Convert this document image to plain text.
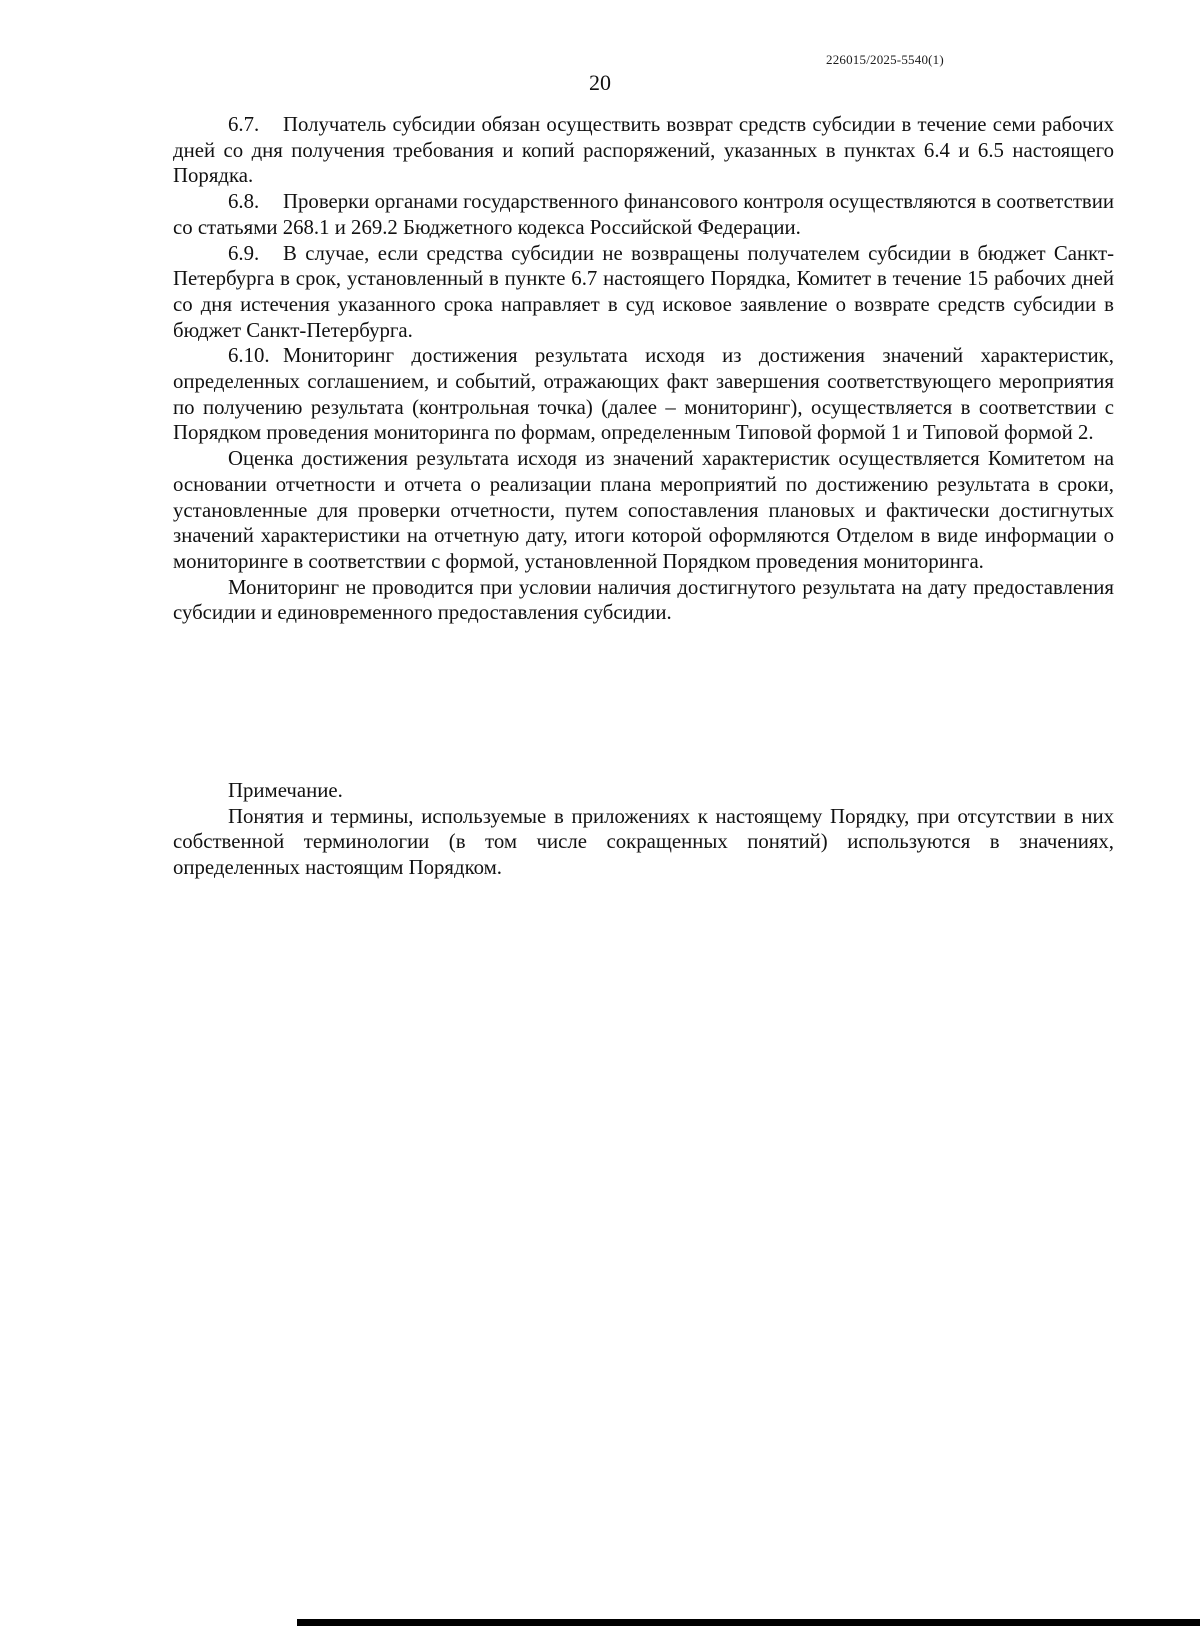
226015/2025-5540(1)
20

6.7. Получатель субсидии обязан осуществить возврат средств субсидии в течение семи рабочих дней со дня получения требования и копий распоряжений, указанных в пунктах 6.4 и 6.5 настоящего Порядка.

6.8. Проверки органами государственного финансового контроля осуществляются в соответствии со статьями 268.1 и 269.2 Бюджетного кодекса Российской Федерации.

6.9. В случае, если средства субсидии не возвращены получателем субсидии в бюджет Санкт-Петербурга в срок, установленный в пункте 6.7 настоящего Порядка, Комитет в течение 15 рабочих дней со дня истечения указанного срока направляет в суд исковое заявление о возврате средств субсидии в бюджет Санкт-Петербурга.

6.10. Мониторинг достижения результата исходя из достижения значений характеристик, определенных соглашением, и событий, отражающих факт завершения соответствующего мероприятия по получению результата (контрольная точка) (далее – мониторинг), осуществляется в соответствии с Порядком проведения мониторинга по формам, определенным Типовой формой 1 и Типовой формой 2.

Оценка достижения результата исходя из значений характеристик осуществляется Комитетом на основании отчетности и отчета о реализации плана мероприятий по достижению результата в сроки, установленные для проверки отчетности, путем сопоставления плановых и фактически достигнутых значений характеристики на отчетную дату, итоги которой оформляются Отделом в виде информации о мониторинге в соответствии с формой, установленной Порядком проведения мониторинга.

Мониторинг не проводится при условии наличия достигнутого результата на дату предоставления субсидии и единовременного предоставления субсидии.

Примечание.

Понятия и термины, используемые в приложениях к настоящему Порядку, при отсутствии в них собственной терминологии (в том числе сокращенных понятий) используются в значениях, определенных настоящим Порядком.
